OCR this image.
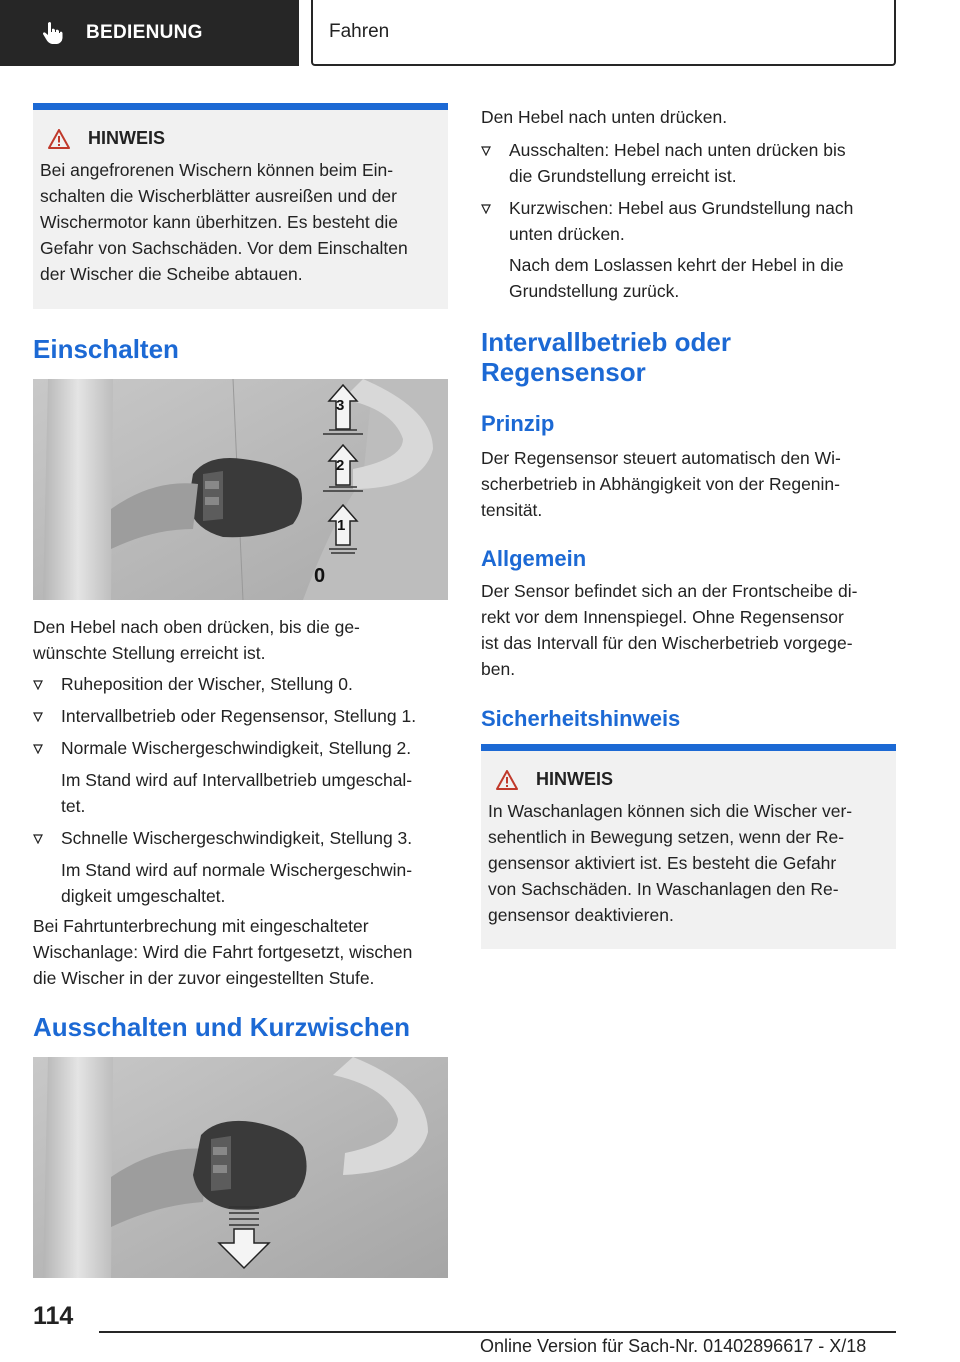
BEDIENUNG	Fahren
HINWEIS
Bei angefrorenen Wischern können beim Ein-
schalten die Wischerblätter ausreißen und der
Wischermotor kann überhitzen. Es besteht die
Gefahr von Sachschäden. Vor dem Einschalten
der Wischer die Scheibe abtauen.
Einschalten
3
2
1
0
Den Hebel nach oben drücken, bis die ge-
wünschte Stellung erreicht ist.
Ruheposition der Wischer, Stellung 0.
Intervallbetrieb oder Regensensor, Stellung 1.
Normale Wischergeschwindigkeit, Stellung 2.
Im Stand wird auf Intervallbetrieb umgeschal-
tet.
Schnelle Wischergeschwindigkeit, Stellung 3.
Im Stand wird auf normale Wischergeschwin-
digkeit umgeschaltet.
Bei Fahrtunterbrechung mit eingeschalteter
Wischanlage: Wird die Fahrt fortgesetzt, wischen
die Wischer in der zuvor eingestellten Stufe.
Ausschalten und Kurzwischen
Den Hebel nach unten drücken.
Ausschalten: Hebel nach unten drücken bis
die Grundstellung erreicht ist.
Kurzwischen: Hebel aus Grundstellung nach
unten drücken.
Nach dem Loslassen kehrt der Hebel in die
Grundstellung zurück.
Intervallbetrieb oder
Regensensor
Prinzip
Der Regensensor steuert automatisch den Wi-
scherbetrieb in Abhängigkeit von der Regenin-
tensität.
Allgemein
Der Sensor befindet sich an der Frontscheibe di-
rekt vor dem Innenspiegel. Ohne Regensensor
ist das Intervall für den Wischerbetrieb vorgege-
ben.
Sicherheitshinweis
HINWEIS
In Waschanlagen können sich die Wischer ver-
sehentlich in Bewegung setzen, wenn der Re-
gensensor aktiviert ist. Es besteht die Gefahr
von Sachschäden. In Waschanlagen den Re-
gensensor deaktivieren.
114
Online Version für Sach-Nr. 01402896617 - X/18
